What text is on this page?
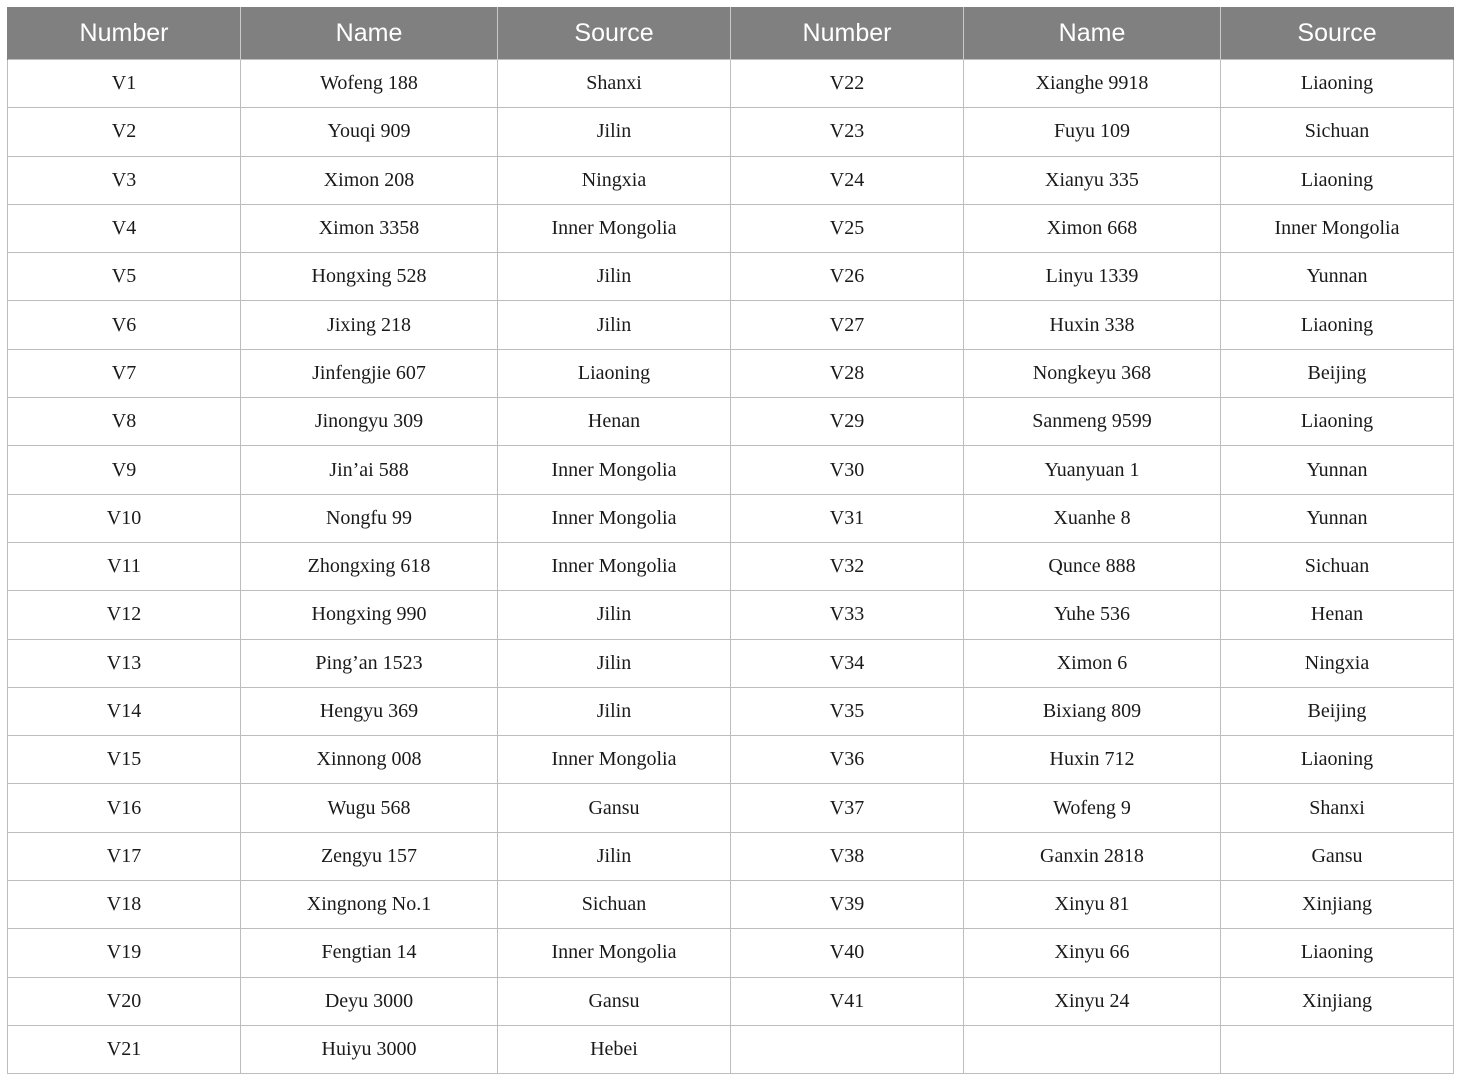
Number	Name	Source	Number	Name	Source
V1	Wofeng 188	Shanxi	V22	Xianghe 9918	Liaoning
V2	Youqi 909	Jilin	V23	Fuyu 109	Sichuan
V3	Ximon 208	Ningxia	V24	Xianyu 335	Liaoning
V4	Ximon 3358	Inner Mongolia	V25	Ximon 668	Inner Mongolia
V5	Hongxing 528	Jilin	V26	Linyu 1339	Yunnan
V6	Jixing 218	Jilin	V27	Huxin 338	Liaoning
V7	Jinfengjie 607	Liaoning	V28	Nongkeyu 368	Beijing
V8	Jinongyu 309	Henan	V29	Sanmeng 9599	Liaoning
V9	Jin’ai 588	Inner Mongolia	V30	Yuanyuan 1	Yunnan
V10	Nongfu 99	Inner Mongolia	V31	Xuanhe 8	Yunnan
V11	Zhongxing 618	Inner Mongolia	V32	Qunce 888	Sichuan
V12	Hongxing 990	Jilin	V33	Yuhe 536	Henan
V13	Ping’an 1523	Jilin	V34	Ximon 6	Ningxia
V14	Hengyu 369	Jilin	V35	Bixiang 809	Beijing
V15	Xinnong 008	Inner Mongolia	V36	Huxin 712	Liaoning
V16	Wugu 568	Gansu	V37	Wofeng 9	Shanxi
V17	Zengyu 157	Jilin	V38	Ganxin 2818	Gansu
V18	Xingnong No.1	Sichuan	V39	Xinyu 81	Xinjiang
V19	Fengtian 14	Inner Mongolia	V40	Xinyu 66	Liaoning
V20	Deyu 3000	Gansu	V41	Xinyu 24	Xinjiang
V21	Huiyu 3000	Hebei			
